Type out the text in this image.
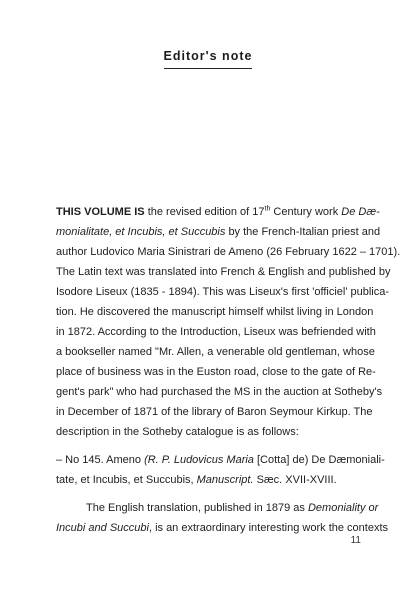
Editor's note
THIS VOLUME IS the revised edition of 17th Century work De Dæ-
monialitate, et Incubis, et Succubis by the French-Italian priest and
author Ludovico Maria Sinistrari de Ameno (26 February 1622 – 1701).
The Latin text was translated into French & English and published by
Isodore Liseux (1835 - 1894). This was Liseux's first 'officiel' publica-
tion. He discovered the manuscript himself whilst living in London
in 1872. According to the Introduction, Liseux was befriended with
a bookseller named "Mr. Allen, a venerable old gentleman, whose
place of business was in the Euston road, close to the gate of Re-
gent's park" who had purchased the MS in the auction at Sotheby's
in December of 1871 of the library of Baron Seymour Kirkup. The
description in the Sotheby catalogue is as follows:
– No 145. Ameno (R. P. Ludovicus Maria [Cotta] de) De Dæmoniali-
tate, et Incubis, et Succubis, Manuscript. Sæc. XVII-XVIII.
The English translation, published in 1879 as Demoniality or
Incubi and Succubi, is an extraordinary interesting work the contexts
11
